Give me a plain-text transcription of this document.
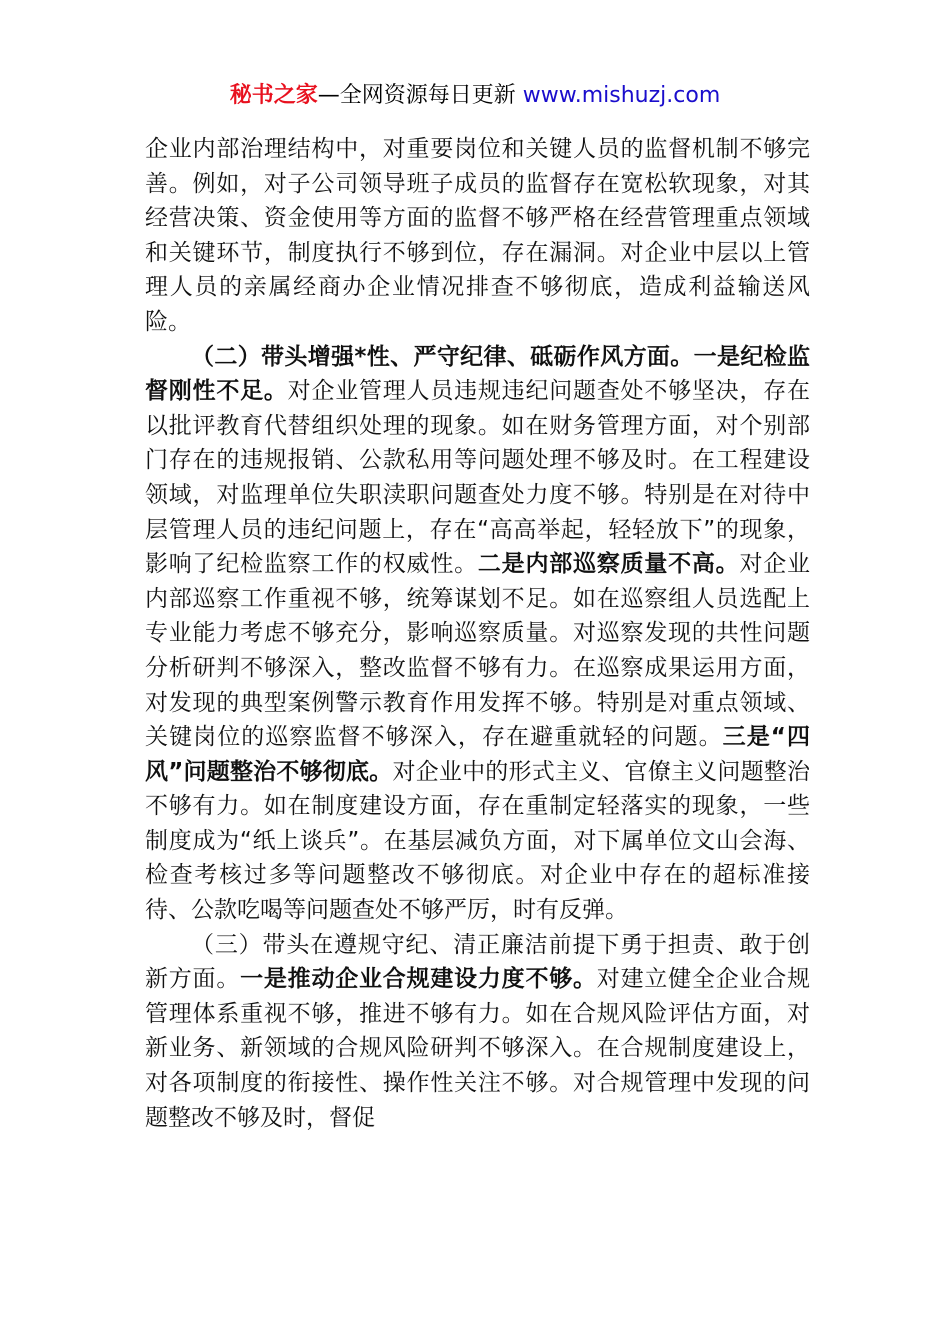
秘书之家—全网资源每日更新 www.mishuzj.com

企业内部治理结构中，对重要岗位和关键人员的监督机制不够完善。例如，对子公司领导班子成员的监督存在宽松软现象，对其经营决策、资金使用等方面的监督不够严格在经营管理重点领域和关键环节，制度执行不够到位，存在漏洞。对企业中层以上管理人员的亲属经商办企业情况排查不够彻底，造成利益输送风险。

（二）带头增强*性、严守纪律、砥砺作风方面。一是纪检监督刚性不足。对企业管理人员违规违纪问题查处不够坚决，存在以批评教育代替组织处理的现象。如在财务管理方面，对个别部门存在的违规报销、公款私用等问题处理不够及时。在工程建设领域，对监理单位失职渎职问题查处力度不够。特别是在对待中层管理人员的违纪问题上，存在“高高举起，轻轻放下”的现象，影响了纪检监察工作的权威性。二是内部巡察质量不高。对企业内部巡察工作重视不够，统筹谋划不足。如在巡察组人员选配上专业能力考虑不够充分，影响巡察质量。对巡察发现的共性问题分析研判不够深入，整改监督不够有力。在巡察成果运用方面，对发现的典型案例警示教育作用发挥不够。特别是对重点领域、关键岗位的巡察监督不够深入，存在避重就轻的问题。三是“四风”问题整治不够彻底。对企业中的形式主义、官僚主义问题整治不够有力。如在制度建设方面，存在重制定轻落实的现象，一些制度成为“纸上谈兵”。在基层减负方面，对下属单位文山会海、检查考核过多等问题整改不够彻底。对企业中存在的超标准接待、公款吃喝等问题查处不够严厉，时有反弹。

（三）带头在遵规守纪、清正廉洁前提下勇于担责、敢于创新方面。一是推动企业合规建设力度不够。对建立健全企业合规管理体系重视不够，推进不够有力。如在合规风险评估方面，对新业务、新领域的合规风险研判不够深入。在合规制度建设上，对各项制度的衔接性、操作性关注不够。对合规管理中发现的问题整改不够及时，督促
